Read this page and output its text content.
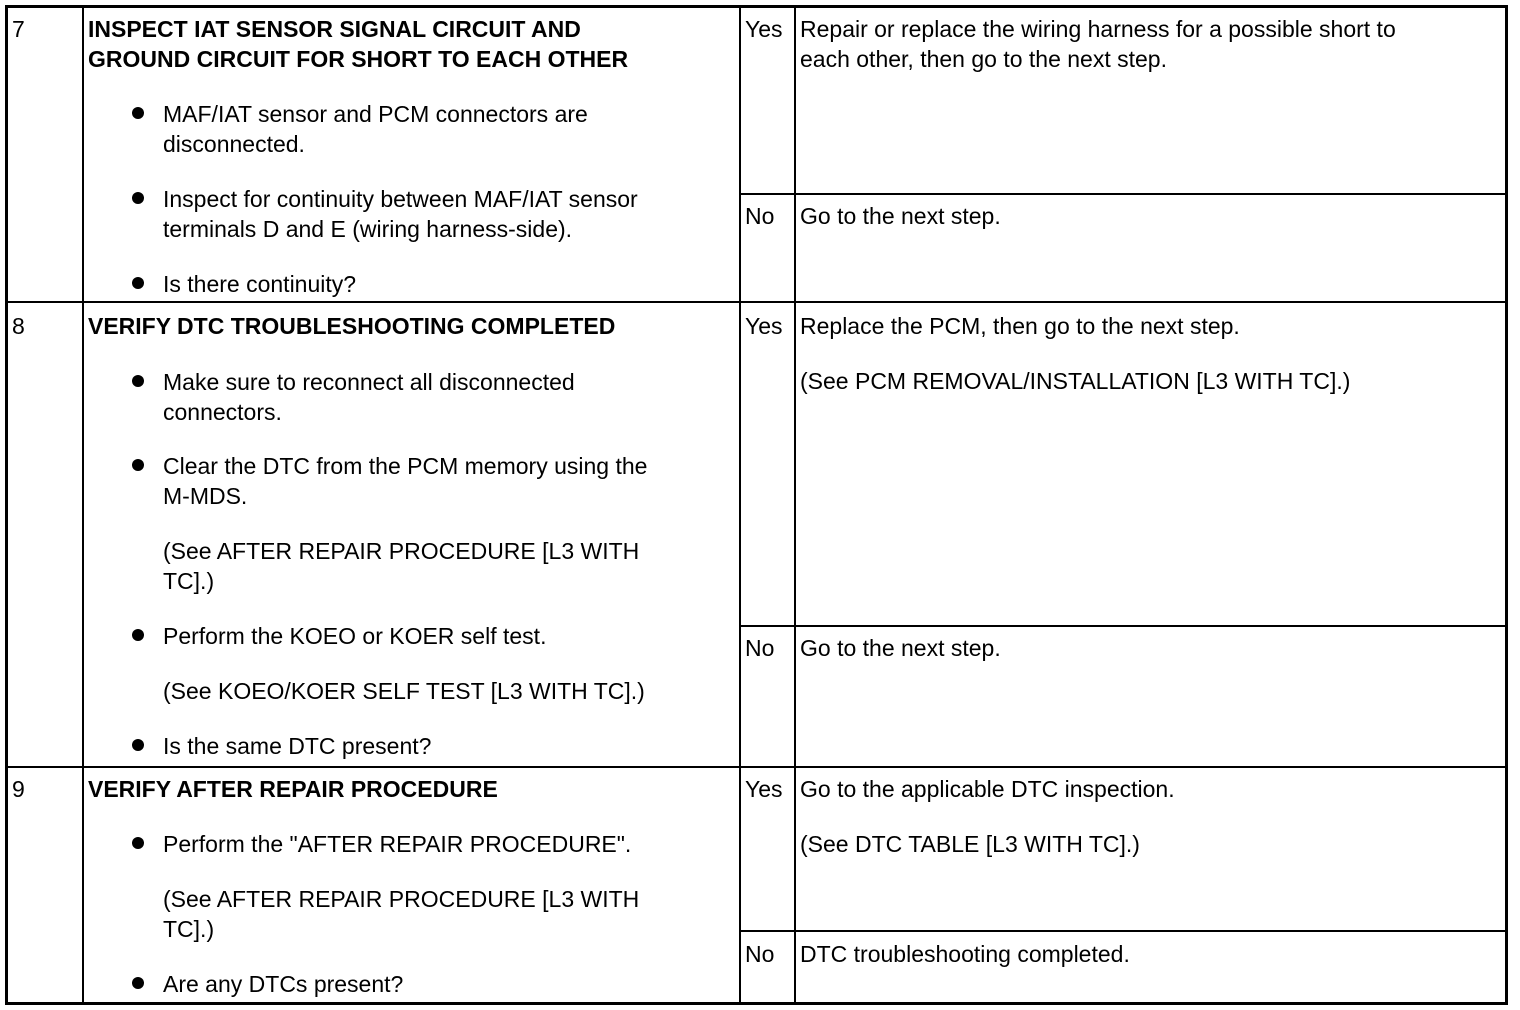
7	INSPECT IAT SENSOR SIGNAL CIRCUIT AND
GROUND CIRCUIT FOR SHORT TO EACH OTHER
MAF/IAT sensor and PCM connectors are
disconnected.
Inspect for continuity between MAF/IAT sensor
terminals D and E (wiring harness-side).
Is there continuity?
Yes Repair or replace the wiring harness for a possible short to
each other, then go to the next step.
No Go to the next step.
8	VERIFY DTC TROUBLESHOOTING COMPLETED
Make sure to reconnect all disconnected
connectors.
Clear the DTC from the PCM memory using the
M-MDS.
(See AFTER REPAIR PROCEDURE [L3 WITH
TC].)
Perform the KOEO or KOER self test.
(See KOEO/KOER SELF TEST [L3 WITH TC].)
Is the same DTC present?
Yes Replace the PCM, then go to the next step.
(See PCM REMOVAL/INSTALLATION [L3 WITH TC].)
No Go to the next step.
9	VERIFY AFTER REPAIR PROCEDURE
Perform the "AFTER REPAIR PROCEDURE".
(See AFTER REPAIR PROCEDURE [L3 WITH
TC].)
Are any DTCs present?
Yes Go to the applicable DTC inspection.
(See DTC TABLE [L3 WITH TC].)
No DTC troubleshooting completed.
